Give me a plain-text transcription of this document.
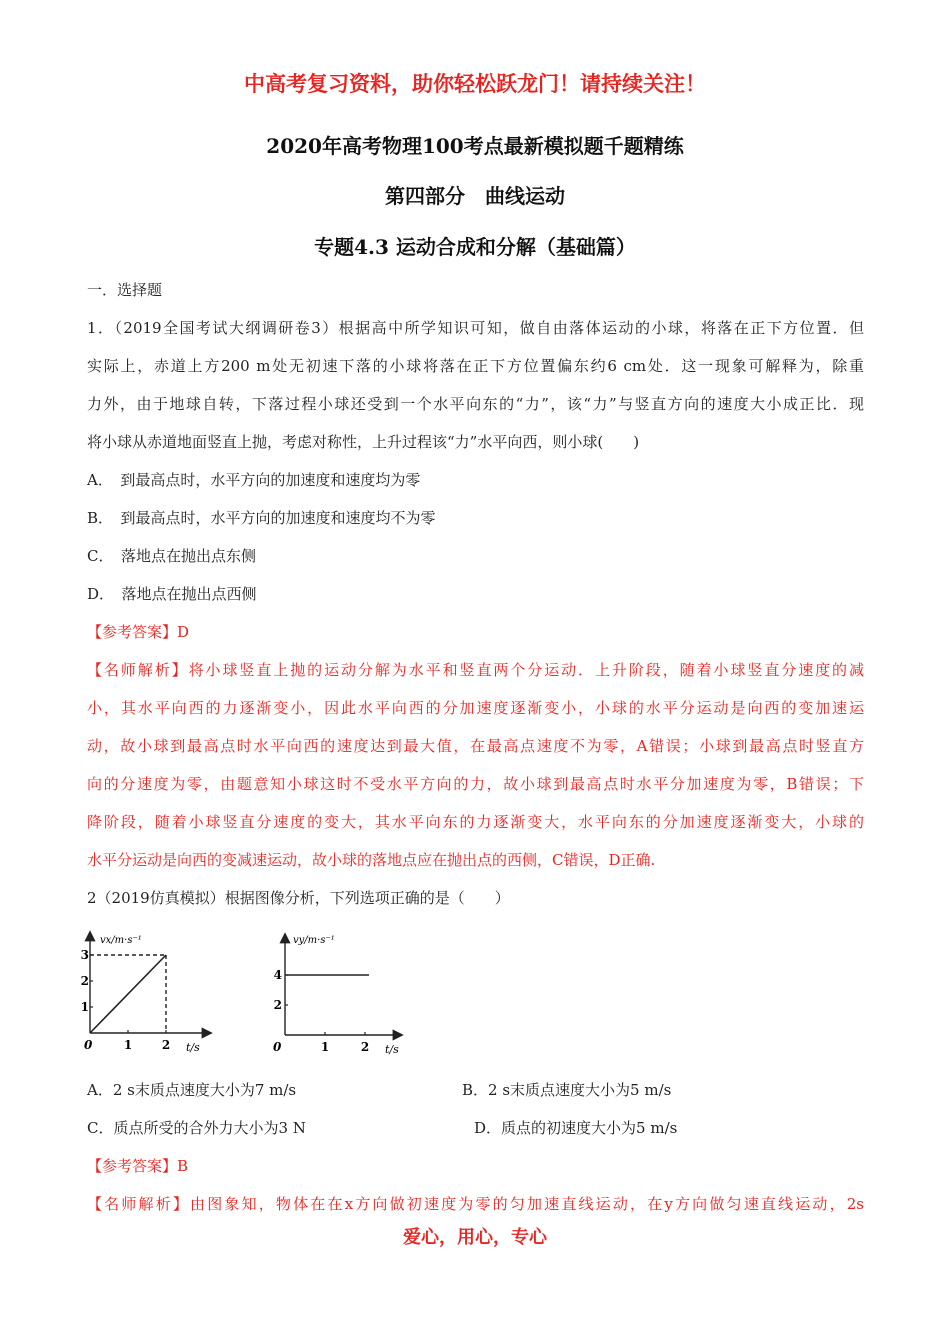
中高考复习资料，助你轻松跃龙门！请持续关注！
2020年高考物理100考点最新模拟题千题精练
第四部分　曲线运动
专题4.3 运动合成和分解（基础篇）
一．选择题
1．（2019全国考试大纲调研卷3）根据高中所学知识可知，做自由落体运动的小球，将落在正下方位置．但
实际上，赤道上方200 m处无初速下落的小球将落在正下方位置偏东约6 cm处．这一现象可解释为，除重
力外，由于地球自转，下落过程小球还受到一个水平向东的“力”，该“力”与竖直方向的速度大小成正比．现
将小球从赤道地面竖直上抛，考虑对称性，上升过程该“力”水平向西，则小球(　　)
A．　到最高点时，水平方向的加速度和速度均为零
B．　到最高点时，水平方向的加速度和速度均不为零
C．　落地点在抛出点东侧
D．　落地点在抛出点西侧
【参考答案】D
【名师解析】将小球竖直上抛的运动分解为水平和竖直两个分运动．上升阶段，随着小球竖直分速度的减
小，其水平向西的力逐渐变小，因此水平向西的分加速度逐渐变小，小球的水平分运动是向西的变加速运
动，故小球到最高点时水平向西的速度达到最大值，在最高点速度不为零，A错误；小球到最高点时竖直方
向的分速度为零，由题意知小球这时不受水平方向的力，故小球到最高点时水平分加速度为零，B错误；下
降阶段，随着小球竖直分速度的变大，其水平向东的力逐渐变大，水平向东的分加速度逐渐变大，小球的
水平分运动是向西的变减速运动，故小球的落地点应在抛出点的西侧，C错误，D正确.
2（2019仿真模拟）根据图像分析，下列选项正确的是（　　）
vx/m·s⁻¹
t/s
0	1 2
1
2
3
vy/m·s⁻¹
t/s
0	1	2
2
4
A．2 s末质点速度大小为7 m/s	B．2 s末质点速度大小为5 m/s
C．质点所受的合外力大小为3 N	D．质点的初速度大小为5 m/s
【参考答案】B
【名师解析】由图象知，物体在在x方向做初速度为零的匀加速直线运动，在y方向做匀速直线运动，2s
爱心，用心，专心
